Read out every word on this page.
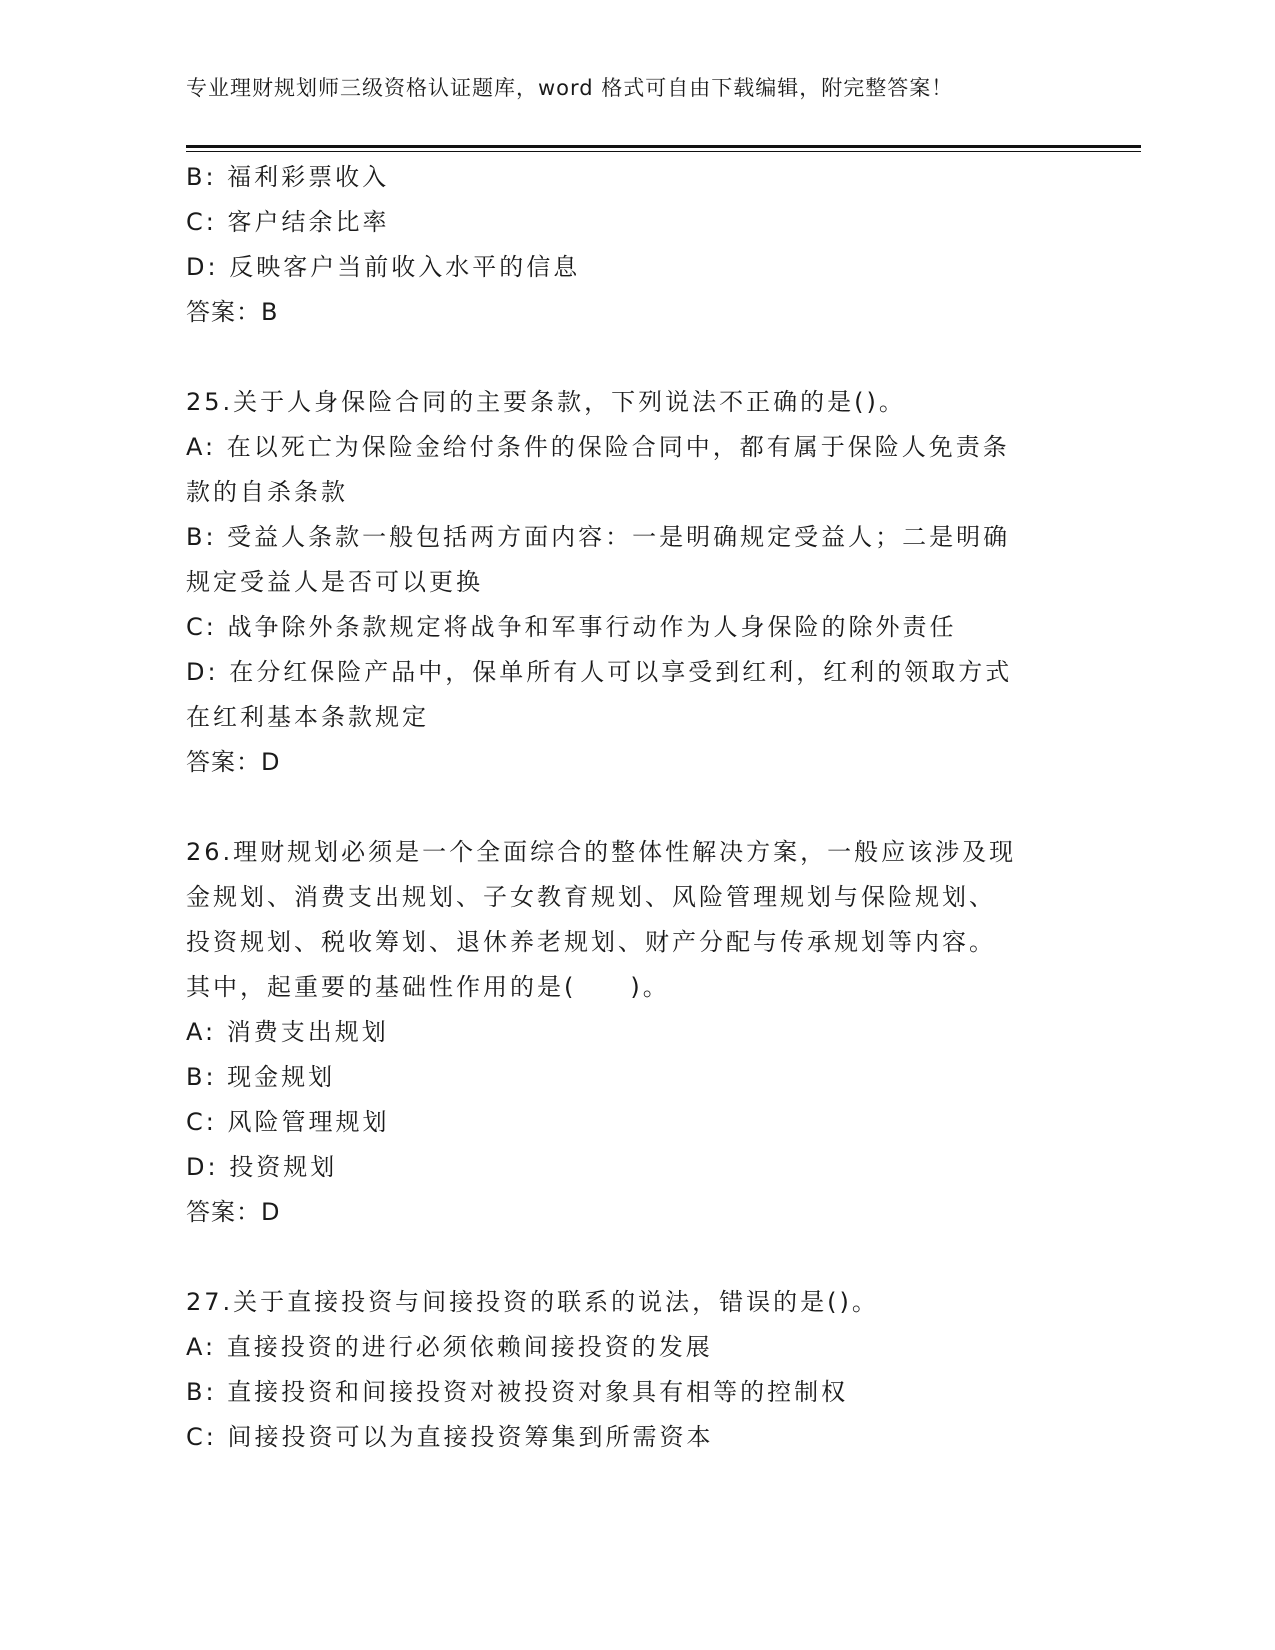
专业理财规划师三级资格认证题库，word 格式可自由下载编辑，附完整答案！
B: 福利彩票收入
C: 客户结余比率
D: 反映客户当前收入水平的信息
答案：B
25.关于人身保险合同的主要条款，下列说法不正确的是()。
A: 在以死亡为保险金给付条件的保险合同中，都有属于保险人免责条
款的自杀条款
B: 受益人条款一般包括两方面内容：一是明确规定受益人；二是明确
规定受益人是否可以更换
C: 战争除外条款规定将战争和军事行动作为人身保险的除外责任
D: 在分红保险产品中，保单所有人可以享受到红利，红利的领取方式
在红利基本条款规定
答案：D
26.理财规划必须是一个全面综合的整体性解决方案，一般应该涉及现
金规划、消费支出规划、子女教育规划、风险管理规划与保险规划、
投资规划、税收筹划、退休养老规划、财产分配与传承规划等内容。
其中，起重要的基础性作用的是(　　)。
A: 消费支出规划
B: 现金规划
C: 风险管理规划
D: 投资规划
答案：D
27.关于直接投资与间接投资的联系的说法，错误的是()。
A: 直接投资的进行必须依赖间接投资的发展
B: 直接投资和间接投资对被投资对象具有相等的控制权
C: 间接投资可以为直接投资筹集到所需资本
